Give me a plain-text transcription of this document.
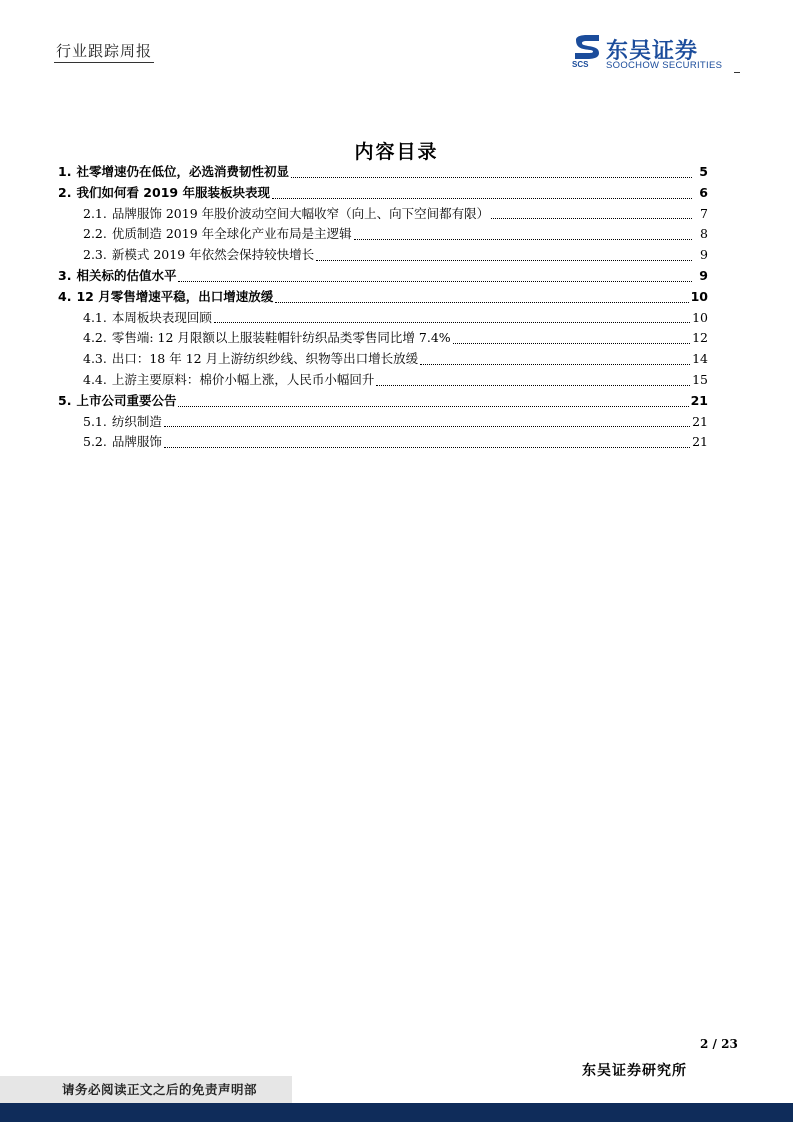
行业跟踪周报
SCS
东吴证券
SOOCHOW SECURITIES
内容目录
1. 社零增速仍在低位，必选消费韧性初显	5
2. 我们如何看 2019 年服装板块表现	6
2.1. 品牌服饰 2019 年股价波动空间大幅收窄（向上、向下空间都有限）	7
2.2. 优质制造 2019 年全球化产业布局是主逻辑	8
2.3. 新模式 2019 年依然会保持较快增长	9
3. 相关标的估值水平	9
4. 12 月零售增速平稳，出口增速放缓	10
4.1. 本周板块表现回顾	10
4.2. 零售端: 12 月限额以上服装鞋帽针纺织品类零售同比增 7.4%	12
4.3. 出口：18 年 12 月上游纺织纱线、织物等出口增长放缓	14
4.4. 上游主要原料：棉价小幅上涨，人民币小幅回升	15
5. 上市公司重要公告	21
5.1. 纺织制造	21
5.2. 品牌服饰	21
2 / 23
东吴证券研究所
请务必阅读正文之后的免责声明部
